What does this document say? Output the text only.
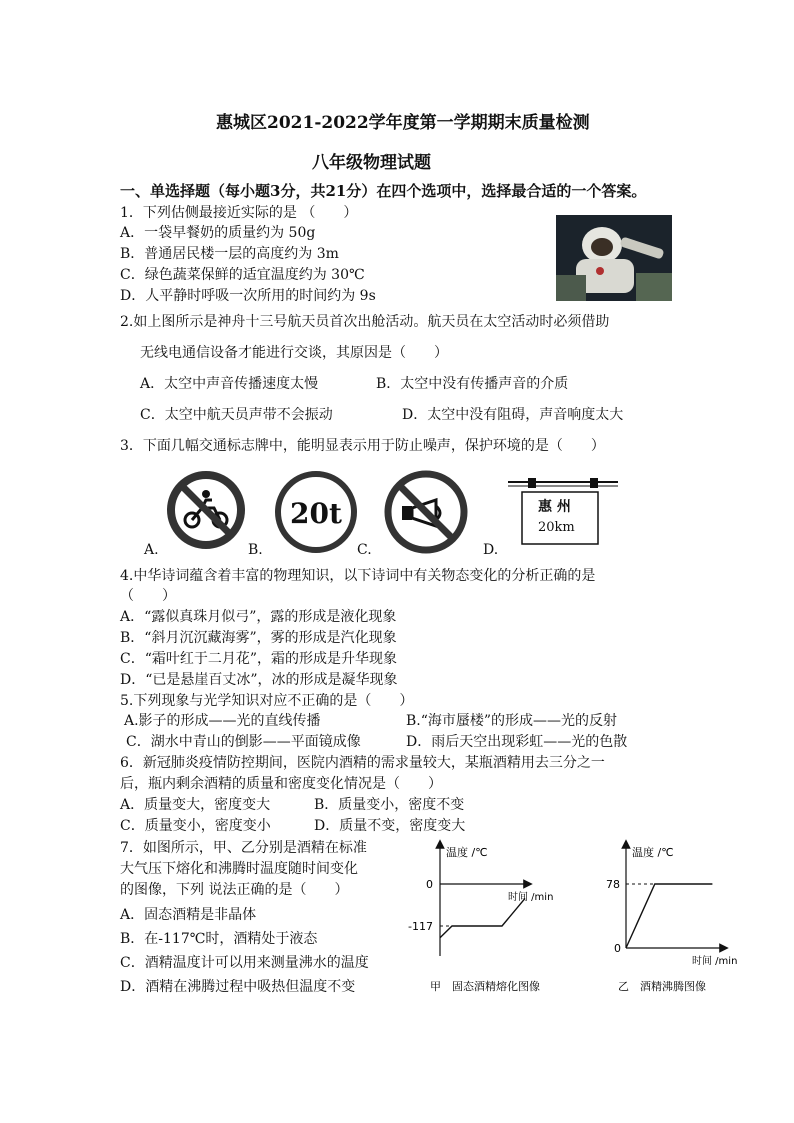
惠城区2021-2022学年度第一学期期末质量检测
八年级物理试题
一、单选择题（每小题3分，共21分）在四个选项中，选择最合适的一个答案。
1．下列估侧最接近实际的是 （　　）
A．一袋早餐奶的质量约为 50g
B．普通居民楼一层的高度约为 3m
C．绿色蔬菜保鲜的适宜温度约为 30℃
D．人平静时呼吸一次所用的时间约为 9s
2.如上图所示是神舟十三号航天员首次出舱活动。航天员在太空活动时必须借助
无线电通信设备才能进行交谈，其原因是（　　）
A．太空中声音传播速度太慢	B．太空中没有传播声音的介质
C．太空中航天员声带不会振动	D．太空中没有阻碍，声音响度太大
3．下面几幅交通标志牌中，能明显表示用于防止噪声，保护环境的是（　　）
A.
20t
B.	C.
惠 州
20km
D.
4.中华诗词蕴含着丰富的物理知识，以下诗词中有关物态变化的分析正确的是
（　　）
A．“露似真珠月似弓”，露的形成是液化现象
B．“斜月沉沉藏海雾”，雾的形成是汽化现象
C．“霜叶红于二月花”，霜的形成是升华现象
D．“已是悬崖百丈冰”，冰的形成是凝华现象
5.下列现象与光学知识对应不正确的是（　　）
A.影子的形成——光的直线传播	B.“海市蜃楼”的形成——光的反射
C．湖水中青山的倒影——平面镜成像	D．雨后天空出现彩虹——光的色散
6．新冠肺炎疫情防控期间，医院内酒精的需求量较大，某瓶酒精用去三分之一
后，瓶内剩余酒精的质量和密度变化情况是（　　）
A．质量变大，密度变大	B．质量变小，密度不变
C．质量变小，密度变小	D．质量不变，密度变大
7．如图所示，甲、乙分别是酒精在标准
大气压下熔化和沸腾时温度随时间变化
的图像，下列 说法正确的是（　　）
A．固态酒精是非晶体
B．在-117℃时，酒精处于液态
C．酒精温度计可以用来测量沸水的温度
D．酒精在沸腾过程中吸热但温度不变
温度 /℃
时间 /min
0
-117
甲　固态酒精熔化图像
温度 /℃
时间 /min
78
0
乙　酒精沸腾图像
